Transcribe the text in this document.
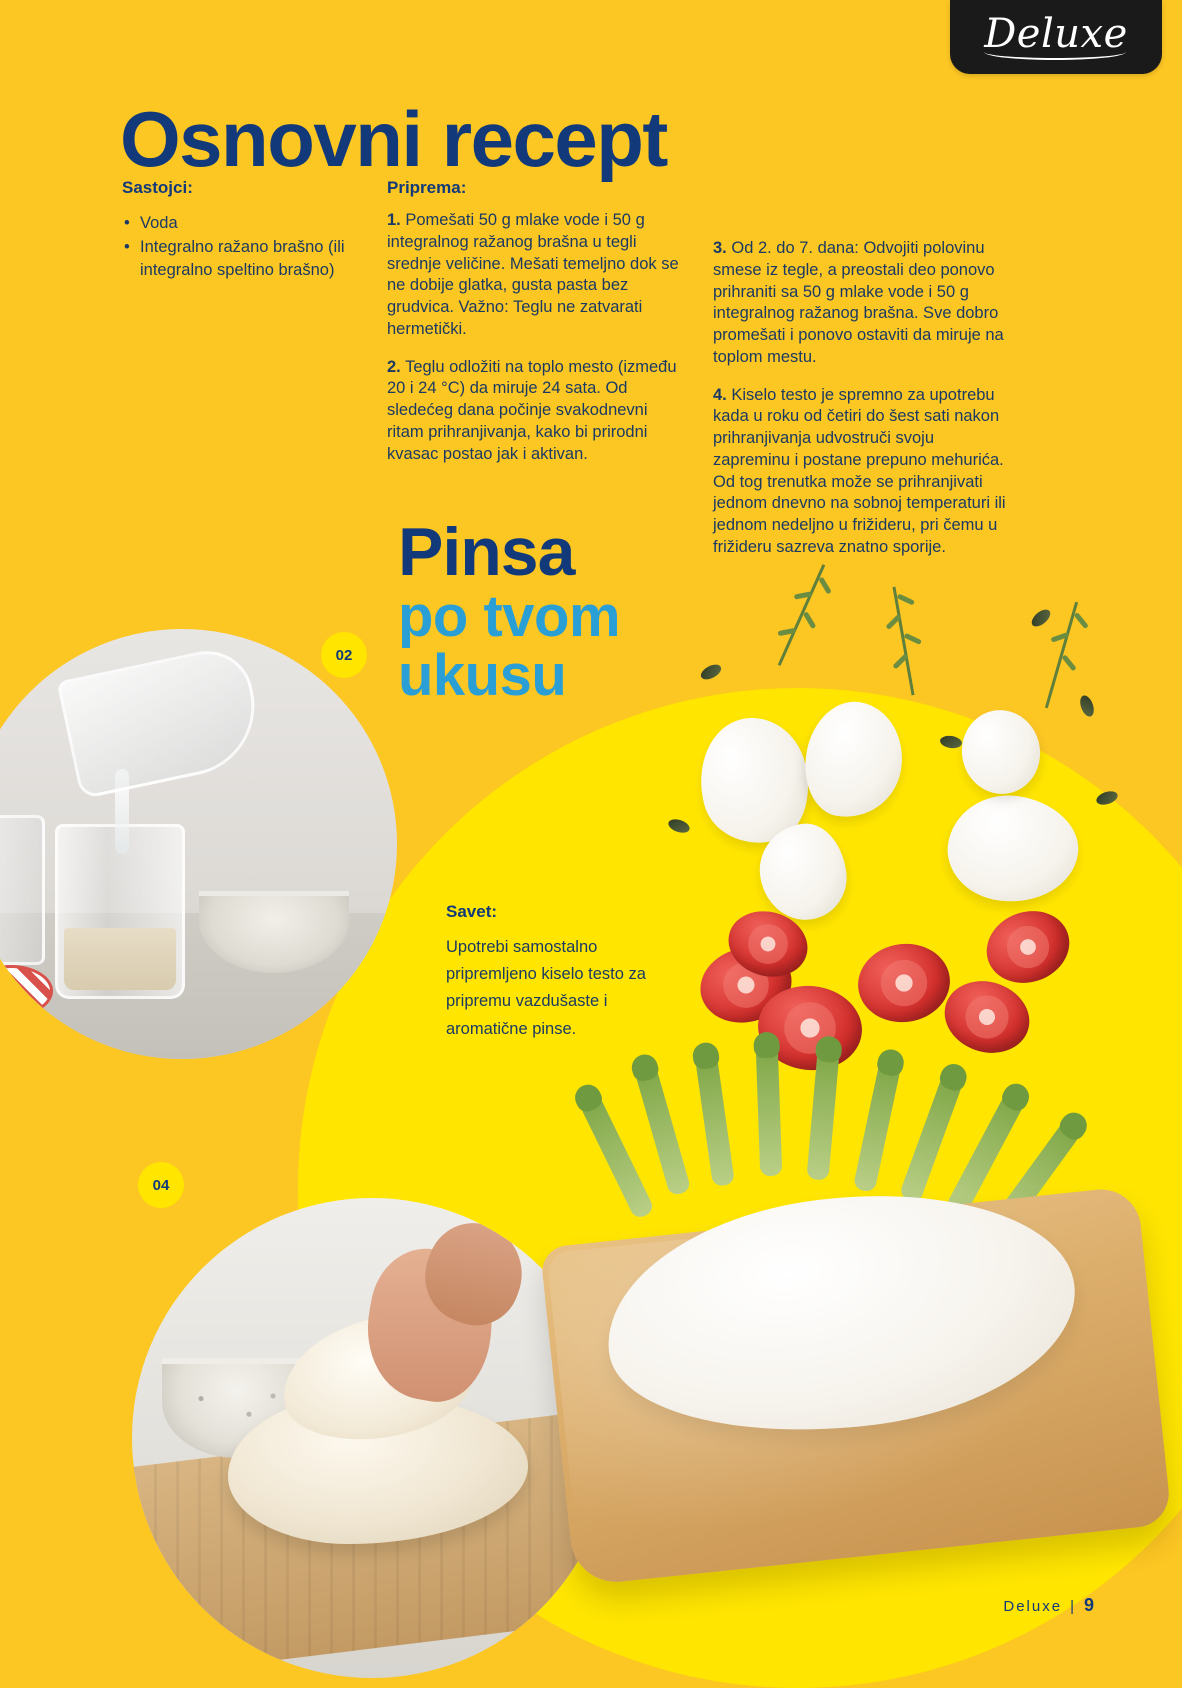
Deluxe
Osnovni recept
Sastojci:
• Voda
• Integralno ražano brašno (ili integralno speltino brašno)
Priprema:

1. Pomešati 50 g mlake vode i 50 g integralnog ražanog brašna u tegli srednje veličine. Mešati temeljno dok se ne dobije glatka, gusta pasta bez grudvica. Važno: Teglu ne zatvarati hermetički.

2. Teglu odložiti na toplo mesto (između 20 i 24 °C) da miruje 24 sata. Od sledećeg dana počinje svakodnevni ritam prihranjivanja, kako bi prirodni kvasac postao jak i aktivan.

3. Od 2. do 7. dana: Odvojiti polovinu smese iz tegle, a preostali deo ponovo prihraniti sa 50 g mlake vode i 50 g integralnog ražanog brašna. Sve dobro promešati i ponovo ostaviti da miruje na toplom mestu.

4. Kiselo testo je spremno za upotrebu kada u roku od četiri do šest sati nakon prihranjivanja udvostruči svoju zapreminu i postane prepuno mehurića. Od tog trenutka može se prihranjivati jednom dnevno na sobnoj temperaturi ili jednom nedeljno u frižideru, pri čemu u frižideru sazreva znatno sporije.

Pinsa
po tvom
ukusu
Savet:

Upotrebi samostalno pripremljeno kiselo testo za pripremu vazdušaste i aromatične pinse.

02
04
Deluxe | 9
